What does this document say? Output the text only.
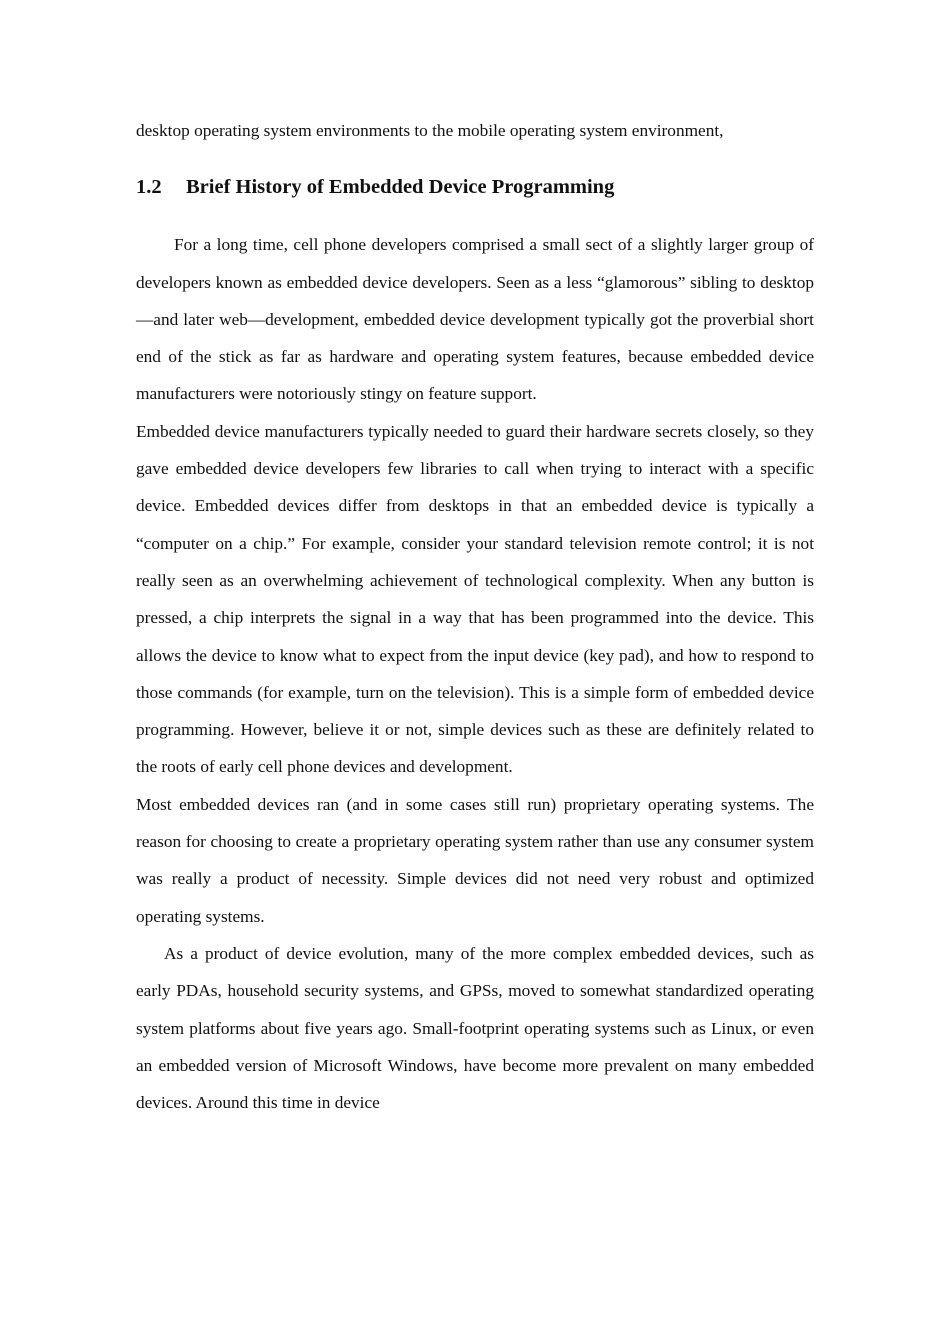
desktop operating system environments to the mobile operating system environment,

1.2	Brief History of Embedded Device Programming

For a long time, cell phone developers comprised a small sect of a slightly larger group of developers known as embedded device developers. Seen as a less “glamorous” sibling to desktop—and later web—development, embedded device development typically got the proverbial short end of the stick as far as hardware and operating system features, because embedded device manufacturers were notoriously stingy on feature support.

Embedded device manufacturers typically needed to guard their hardware secrets closely, so they gave embedded device developers few libraries to call when trying to interact with a specific device. Embedded devices differ from desktops in that an embedded device is typically a “computer on a chip.” For example, consider your standard television remote control; it is not really seen as an overwhelming achievement of technological complexity. When any button is pressed, a chip interprets the signal in a way that has been programmed into the device. This allows the device to know what to expect from the input device (key pad), and how to respond to those commands (for example, turn on the television). This is a simple form of embedded device programming. However, believe it or not, simple devices such as these are definitely related to the roots of early cell phone devices and development.

Most embedded devices ran (and in some cases still run) proprietary operating systems. The reason for choosing to create a proprietary operating system rather than use any consumer system was really a product of necessity. Simple devices did not need very robust and optimized operating systems.

As a product of device evolution, many of the more complex embedded devices, such as early PDAs, household security systems, and GPSs, moved to somewhat standardized operating system platforms about five years ago. Small-footprint operating systems such as Linux, or even an embedded version of Microsoft Windows, have become more prevalent on many embedded devices. Around this time in device
